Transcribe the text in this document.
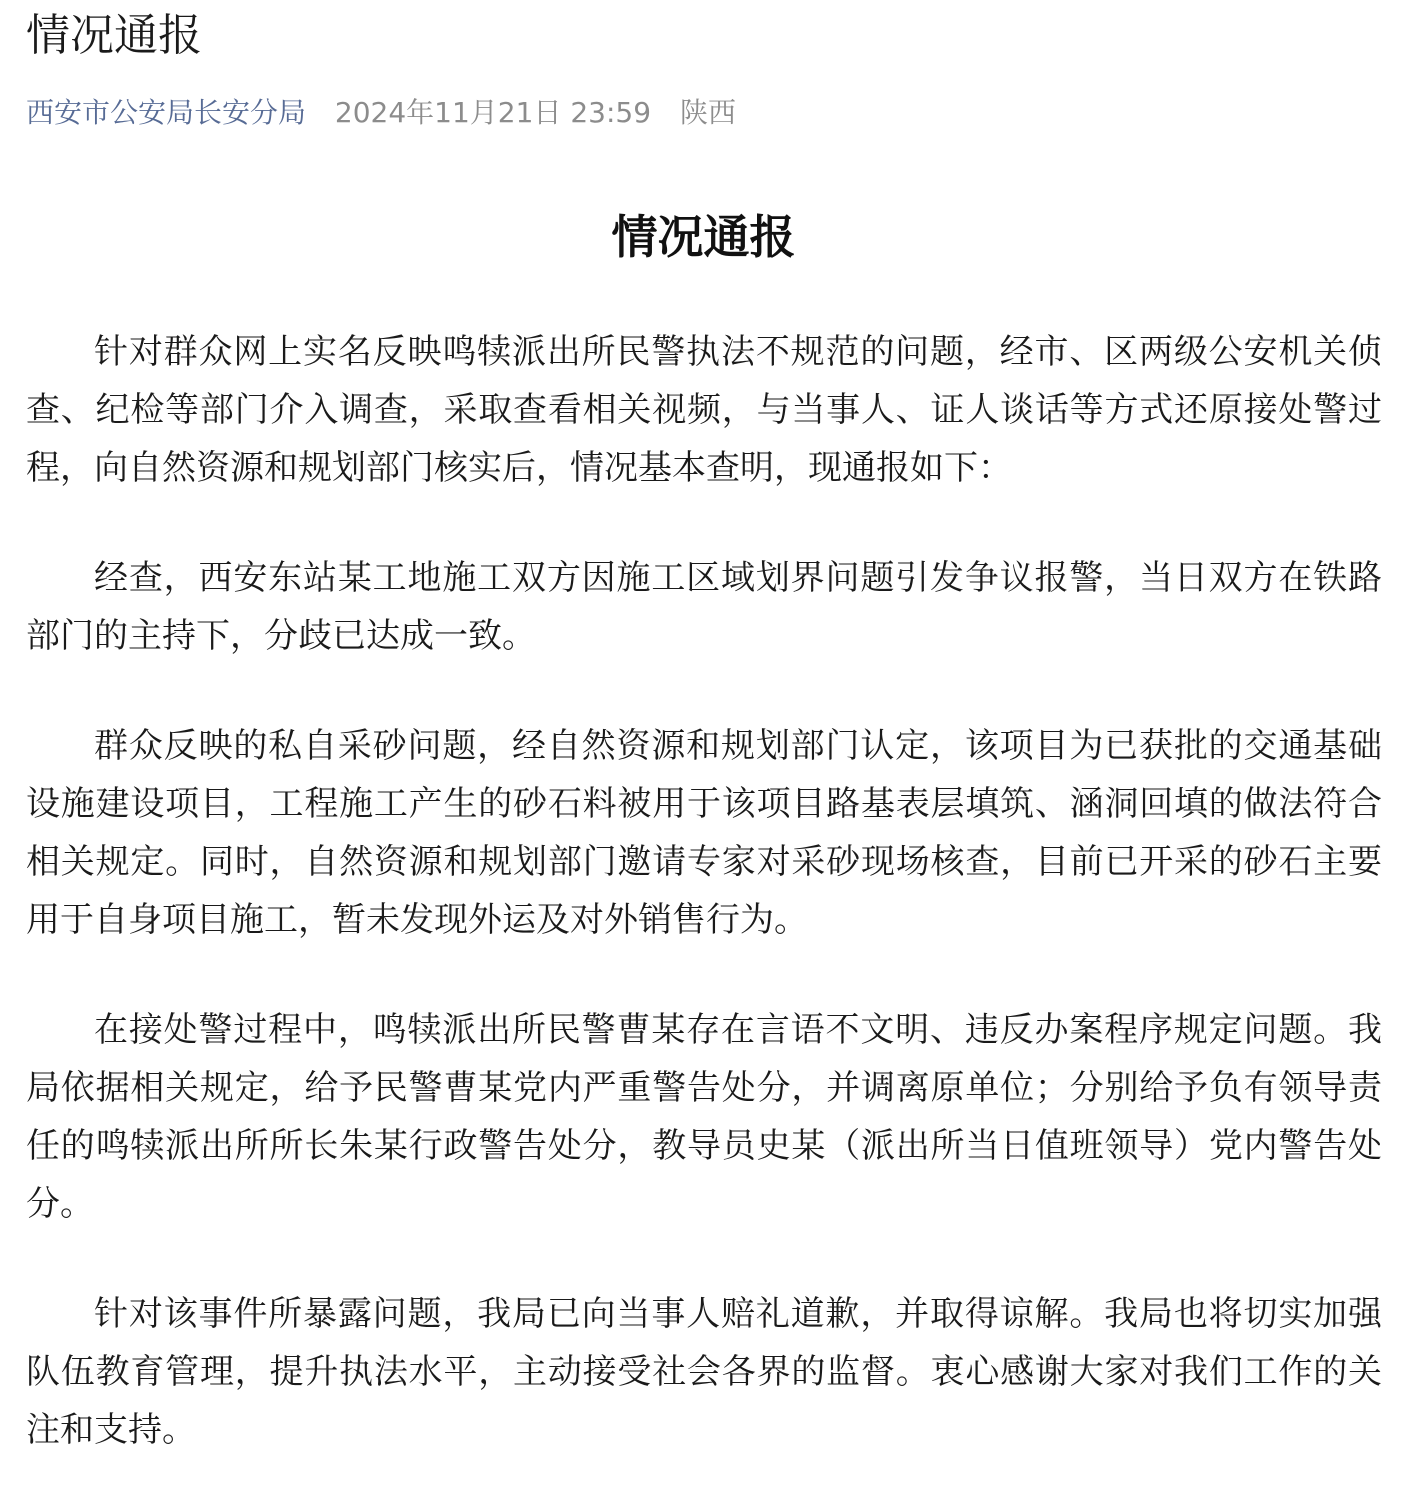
情况通报
西安市公安局长安分局 2024年11月21日 23:59 陕西
情况通报

针对群众网上实名反映鸣犊派出所民警执法不规范的问题，经市、区两级公安机关侦查、纪检等部门介入调查，采取查看相关视频，与当事人、证人谈话等方式还原接处警过程，向自然资源和规划部门核实后，情况基本查明，现通报如下：

经查，西安东站某工地施工双方因施工区域划界问题引发争议报警，当日双方在铁路部门的主持下，分歧已达成一致。

群众反映的私自采砂问题，经自然资源和规划部门认定，该项目为已获批的交通基础设施建设项目，工程施工产生的砂石料被用于该项目路基表层填筑、涵洞回填的做法符合相关规定。同时，自然资源和规划部门邀请专家对采砂现场核查，目前已开采的砂石主要用于自身项目施工，暂未发现外运及对外销售行为。

在接处警过程中，鸣犊派出所民警曹某存在言语不文明、违反办案程序规定问题。我局依据相关规定，给予民警曹某党内严重警告处分，并调离原单位；分别给予负有领导责任的鸣犊派出所所长朱某行政警告处分，教导员史某（派出所当日值班领导）党内警告处分。

针对该事件所暴露问题，我局已向当事人赔礼道歉，并取得谅解。我局也将切实加强队伍教育管理，提升执法水平，主动接受社会各界的监督。衷心感谢大家对我们工作的关注和支持。
